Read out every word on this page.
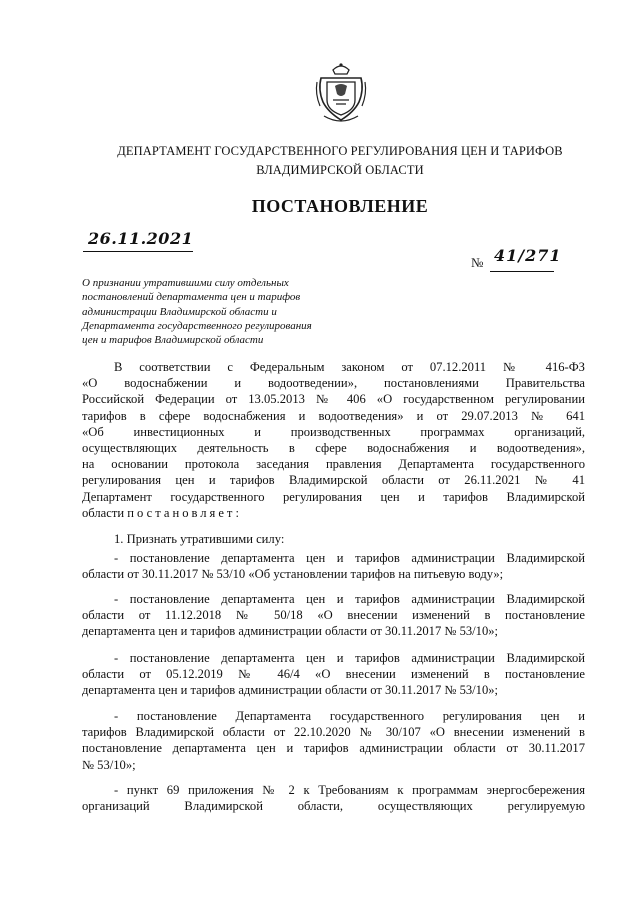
ДЕПАРТАМЕНТ ГОСУДАРСТВЕННОГО РЕГУЛИРОВАНИЯ ЦЕН И ТАРИФОВ
ВЛАДИМИРСКОЙ ОБЛАСТИ
ПОСТАНОВЛЕНИЕ
26.11.2021
№ 41/271
О признании утратившими силу отдельных
постановлений департамента цен и тарифов
администрации Владимирской области и
Департамента государственного регулирования
цен и тарифов Владимирской области
В соответствии с Федеральным законом от 07.12.2011 № 416-ФЗ
«О водоснабжении и водоотведении», постановлениями Правительства
Российской Федерации от 13.05.2013 № 406 «О государственном регулировании
тарифов в сфере водоснабжения и водоотведения» и от 29.07.2013 № 641
«Об инвестиционных и производственных программах организаций,
осуществляющих деятельность в сфере водоснабжения и водоотведения»,
на основании протокола заседания правления Департамента государственного
регулирования цен и тарифов Владимирской области от 26.11.2021 № 41
Департамент государственного регулирования цен и тарифов Владимирской
области постановляет:
1. Признать утратившими силу:
- постановление департамента цен и тарифов администрации Владимирской
области от 30.11.2017 № 53/10 «Об установлении тарифов на питьевую воду»;
- постановление департамента цен и тарифов администрации Владимирской
области от 11.12.2018 № 50/18 «О внесении изменений в постановление
департамента цен и тарифов администрации области от 30.11.2017 № 53/10»;
- постановление департамента цен и тарифов администрации Владимирской
области от 05.12.2019 № 46/4 «О внесении изменений в постановление
департамента цен и тарифов администрации области от 30.11.2017 № 53/10»;
- постановление Департамента государственного регулирования цен и
тарифов Владимирской области от 22.10.2020 № 30/107 «О внесении изменений в
постановление департамента цен и тарифов администрации области от 30.11.2017
№ 53/10»;
- пункт 69 приложения № 2 к Требованиям к программам энергосбережения
организаций Владимирской области, осуществляющих регулируемую
